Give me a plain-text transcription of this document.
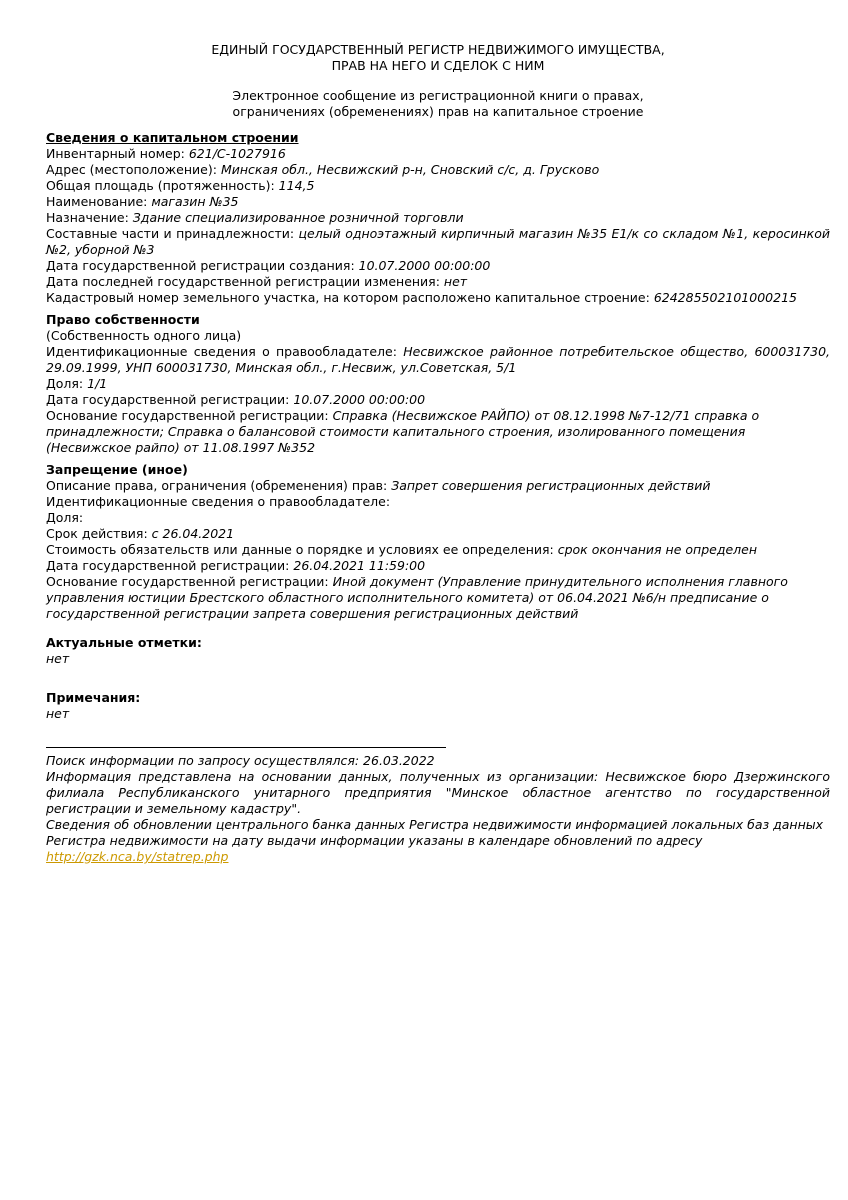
ЕДИНЫЙ ГОСУДАРСТВЕННЫЙ РЕГИСТР НЕДВИЖИМОГО ИМУЩЕСТВА,

ПРАВ НА НЕГО И СДЕЛОК С НИМ

Электронное сообщение из регистрационной книги о правах,

ограничениях (обременениях) прав на капитальное строение

Сведения о капитальном строении

Инвентарный номер: 621/С-1027916

Адрес (местоположение): Минская обл., Несвижский р-н, Сновский с/с, д. Грусково

Общая площадь (протяженность): 114,5

Наименование: магазин №35

Назначение: Здание специализированное розничной торговли

Составные части и принадлежности: целый одноэтажный кирпичный магазин №35 Е1/к со складом №1, керосинкой №2, уборной №3

Дата государственной регистрации создания: 10.07.2000 00:00:00

Дата последней государственной регистрации изменения: нет

Кадастровый номер земельного участка, на котором расположено капитальное строение: 624285502101000215

Право собственности

(Собственность одного лица)

Идентификационные сведения о правообладателе: Несвижское районное потребительское общество, 600031730, 29.09.1999, УНП 600031730, Минская обл., г.Несвиж, ул.Советская, 5/1

Доля: 1/1

Дата государственной регистрации: 10.07.2000 00:00:00

Основание государственной регистрации: Справка (Несвижское РАЙПО) от 08.12.1998 №7-12/71 справка о принадлежности; Справка о балансовой стоимости капитального строения, изолированного помещения (Несвижское райпо) от 11.08.1997 №352

Запрещение (иное)

Описание права, ограничения (обременения) прав: Запрет совершения регистрационных действий

Идентификационные сведения о правообладателе:

Доля:

Срок действия: с 26.04.2021

Стоимость обязательств или данные о порядке и условиях ее определения: срок окончания не определен

Дата государственной регистрации: 26.04.2021 11:59:00

Основание государственной регистрации: Иной документ (Управление принудительного исполнения главного управления юстиции Брестского областного исполнительного комитета) от 06.04.2021 №6/н предписание о государственной регистрации запрета совершения регистрационных действий

Актуальные отметки:

нет

Примечания:

нет

Поиск информации по запросу осуществлялся: 26.03.2022

Информация представлена на основании данных, полученных из организации: Несвижское бюро Дзержинского филиала Республиканского унитарного предприятия "Минское областное агентство по государственной регистрации и земельному кадастру".

Сведения об обновлении центрального банка данных Регистра недвижимости информацией локальных баз данных Регистра недвижимости на дату выдачи информации указаны в календаре обновлений по адресу

http://gzk.nca.by/statrep.php
